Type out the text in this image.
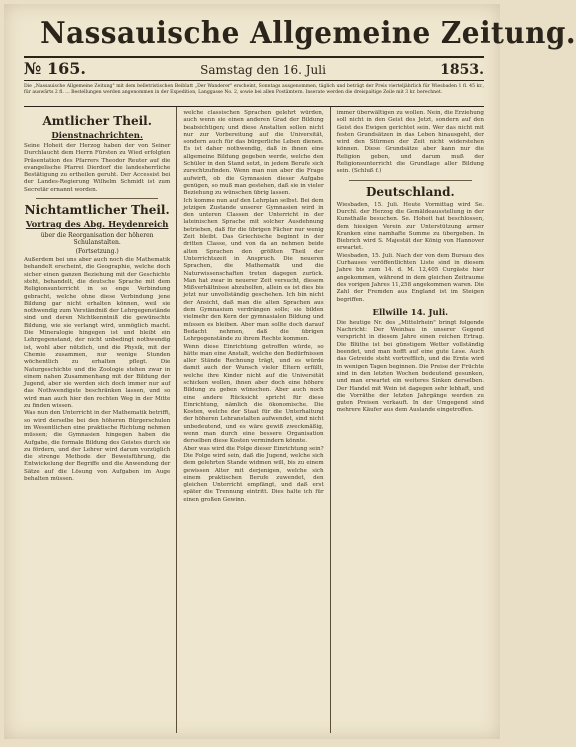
Nassauische Allgemeine Zeitung.
№ 165.	Samstag den 16. Juli	1853.
Die „Nassauische Allgemeine Zeitung" mit dem belletristischen Beiblatt „Der Wanderer" erscheint, Sonntags ausgenommen, täglich und beträgt der Preis vierteljährlich für Wiesbaden 1 fl. 45 kr., für auswärts 2 fl. ... Bestellungen werden angenommen in der Expedition, Langgasse No. 2, sowie bei allen Postämtern. Inserate werden die dreispaltige Zeile mit 3 kr. berechnet.
Amtlicher Theil.
Dienstnachrichten.

Seine Hoheit der Herzog haben der von Seiner Durchlaucht dem Herrn Fürsten zu Wied erfolgten Präsentation des Pfarrers Theodor Reuter auf die evangelische Pfarrei Dierdorf die landesherrliche Bestätigung zu ertheilen geruht. Der Accessist bei der Landes-Regierung Wilhelm Schmidt ist zum Secretär ernannt worden.

Nichtamtlicher Theil.
Vortrag des Abg. Heydenreich
über die Reorganisation der höheren Schulanstalten.
(Fortsetzung.)

Außerdem bei uns aber auch noch die Mathematik behandelt erscheint, die Geographie, welche doch sicher einen ganzen Beziehung mit der Geschichte steht, behandelt, die deutsche Sprache mit dem Religionsunterricht in so enge Verbindung gebracht, welche ohne diese Verbindung jene Bildung gar nicht erhalten können, weil sie nothwendig zum Verständniß der Lehrgegenstände sind und deren Nichtkenntniß die gewünschte Bildung, wie sie verlangt wird, unmöglich macht. Die Mineralogie hingegen ist und bleibt ein Lehrgegenstand, der nicht unbedingt nothwendig ist, wohl aber nützlich, und die Physik, mit der Chemie zusammen, nur wenige Stunden wöchentlich zu erhalten pflegt. Die Naturgeschichte und die Zoologie stehen zwar in einem nahen Zusammenhang mit der Bildung der Jugend, aber sie werden sich doch immer nur auf das Nothwendigste beschränken lassen, und so wird man auch hier den rechten Weg in der Mitte zu finden wissen.

Was nun den Unterricht in der Mathematik betrifft, so wird derselbe bei den höheren Bürgerschulen im Wesentlichen eine praktische Richtung nehmen müssen; die Gymnasien hingegen haben die Aufgabe, die formale Bildung des Geistes durch sie zu fördern, und der Lehrer wird darum vorzüglich die strenge Methode der Beweisführung, die Entwickelung der Begriffe und die Anwendung der Sätze auf die Lösung von Aufgaben im Auge behalten müssen.

welche classischen Sprachen gelehrt würden, auch wenn sie einen anderen Grad der Bildung beabsichtigen; und diese Anstalten sollen nicht nur zur Vorbereitung auf die Universität, sondern auch für das bürgerliche Leben dienen. Es ist daher nothwendig, daß in ihnen eine allgemeine Bildung gegeben werde, welche den Schüler in den Stand setzt, in jedem Berufe sich zurechtzufinden. Wenn man nun aber die Frage aufwirft, ob die Gymnasien dieser Aufgabe genügen, so muß man gestehen, daß sie in vieler Beziehung zu wünschen übrig lassen.

Ich komme nun auf den Lehrplan selbst. Bei dem jetzigen Zustande unserer Gymnasien wird in den unteren Classen der Unterricht in der lateinischen Sprache mit solcher Ausdehnung betrieben, daß für die übrigen Fächer nur wenig Zeit bleibt. Das Griechische beginnt in der dritten Classe, und von da an nehmen beide alten Sprachen den größten Theil der Unterrichtszeit in Anspruch. Die neueren Sprachen, die Mathematik und die Naturwissenschaften treten dagegen zurück. Man hat zwar in neuerer Zeit versucht, diesem Mißverhältnisse abzuhelfen, allein es ist dies bis jetzt nur unvollständig geschehen. Ich bin nicht der Ansicht, daß man die alten Sprachen aus dem Gymnasium verdrängen solle; sie bilden vielmehr den Kern der gymnasialen Bildung und müssen es bleiben. Aber man sollte doch darauf Bedacht nehmen, daß die übrigen Lehrgegenstände zu ihrem Rechte kommen.

Wenn diese Einrichtung getroffen würde, so hätte man eine Anstalt, welche den Bedürfnissen aller Stände Rechnung trägt, und es würde damit auch der Wunsch vieler Eltern erfüllt, welche ihre Kinder nicht auf die Universität schicken wollen, ihnen aber doch eine höhere Bildung zu geben wünschen. Aber auch noch eine andere Rücksicht spricht für diese Einrichtung, nämlich die ökonomische. Die Kosten, welche der Staat für die Unterhaltung der höheren Lehranstalten aufwendet, sind nicht unbedeutend, und es wäre gewiß zweckmäßig, wenn man durch eine bessere Organisation derselben diese Kosten vermindern könnte.

Aber was wird die Folge dieser Einrichtung sein? Die Folge wird sein, daß die Jugend, welche sich dem gelehrten Stande widmen will, bis zu einem gewissen Alter mit derjenigen, welche sich einem praktischen Berufe zuwendet, den gleichen Unterricht empfängt, und daß erst später die Trennung eintritt. Dies halte ich für einen großen Gewinn.

immer überwältigen zu wollen. Nein, die Erziehung soll nicht in den Geist des Jetzt, sondern auf den Geist des Ewigen gerichtet sein. Wer das nicht mit festen Grundsätzen in das Leben hinausgeht, der wird den Stürmen der Zeit nicht widerstehen können. Diese Grundsätze aber kann nur die Religion geben, und darum muß der Religionsunterricht die Grundlage aller Bildung sein. (Schluß f.)

Deutschland.

Wiesbaden, 15. Juli. Heute Vormittag wird Se. Durchl. der Herzog die Gemäldeausstellung in der Kunsthalle besuchen. Se. Hoheit hat beschlossen, dem hiesigen Verein zur Unterstützung armer Kranken eine namhafte Summe zu übergeben. In Biebrich wird S. Majestät der König von Hannover erwartet.

Wiesbaden, 15. Juli. Nach der von dem Bureau des Curhauses veröffentlichten Liste sind in diesem Jahre bis zum 14. d. M. 12,405 Curgäste hier angekommen, während in dem gleichen Zeitraume des vorigen Jahres 11,258 angekommen waren. Die Zahl der Fremden aus England ist im Steigen begriffen.

Ellwille 14. Juli.

Die heutige Nr. des „Mittelrhein" bringt folgende Nachricht: Der Weinbau in unserer Gegend verspricht in diesem Jahre einen reichen Ertrag. Die Blüthe ist bei günstigem Wetter vollständig beendet, und man hofft auf eine gute Lese. Auch das Getreide steht vortrefflich, und die Ernte wird in wenigen Tagen beginnen. Die Preise der Früchte sind in den letzten Wochen bedeutend gesunken, und man erwartet ein weiteres Sinken derselben. Der Handel mit Wein ist dagegen sehr lebhaft, und die Vorräthe der letzten Jahrgänge werden zu guten Preisen verkauft. In der Umgegend sind mehrere Käufer aus dem Auslande eingetroffen.
